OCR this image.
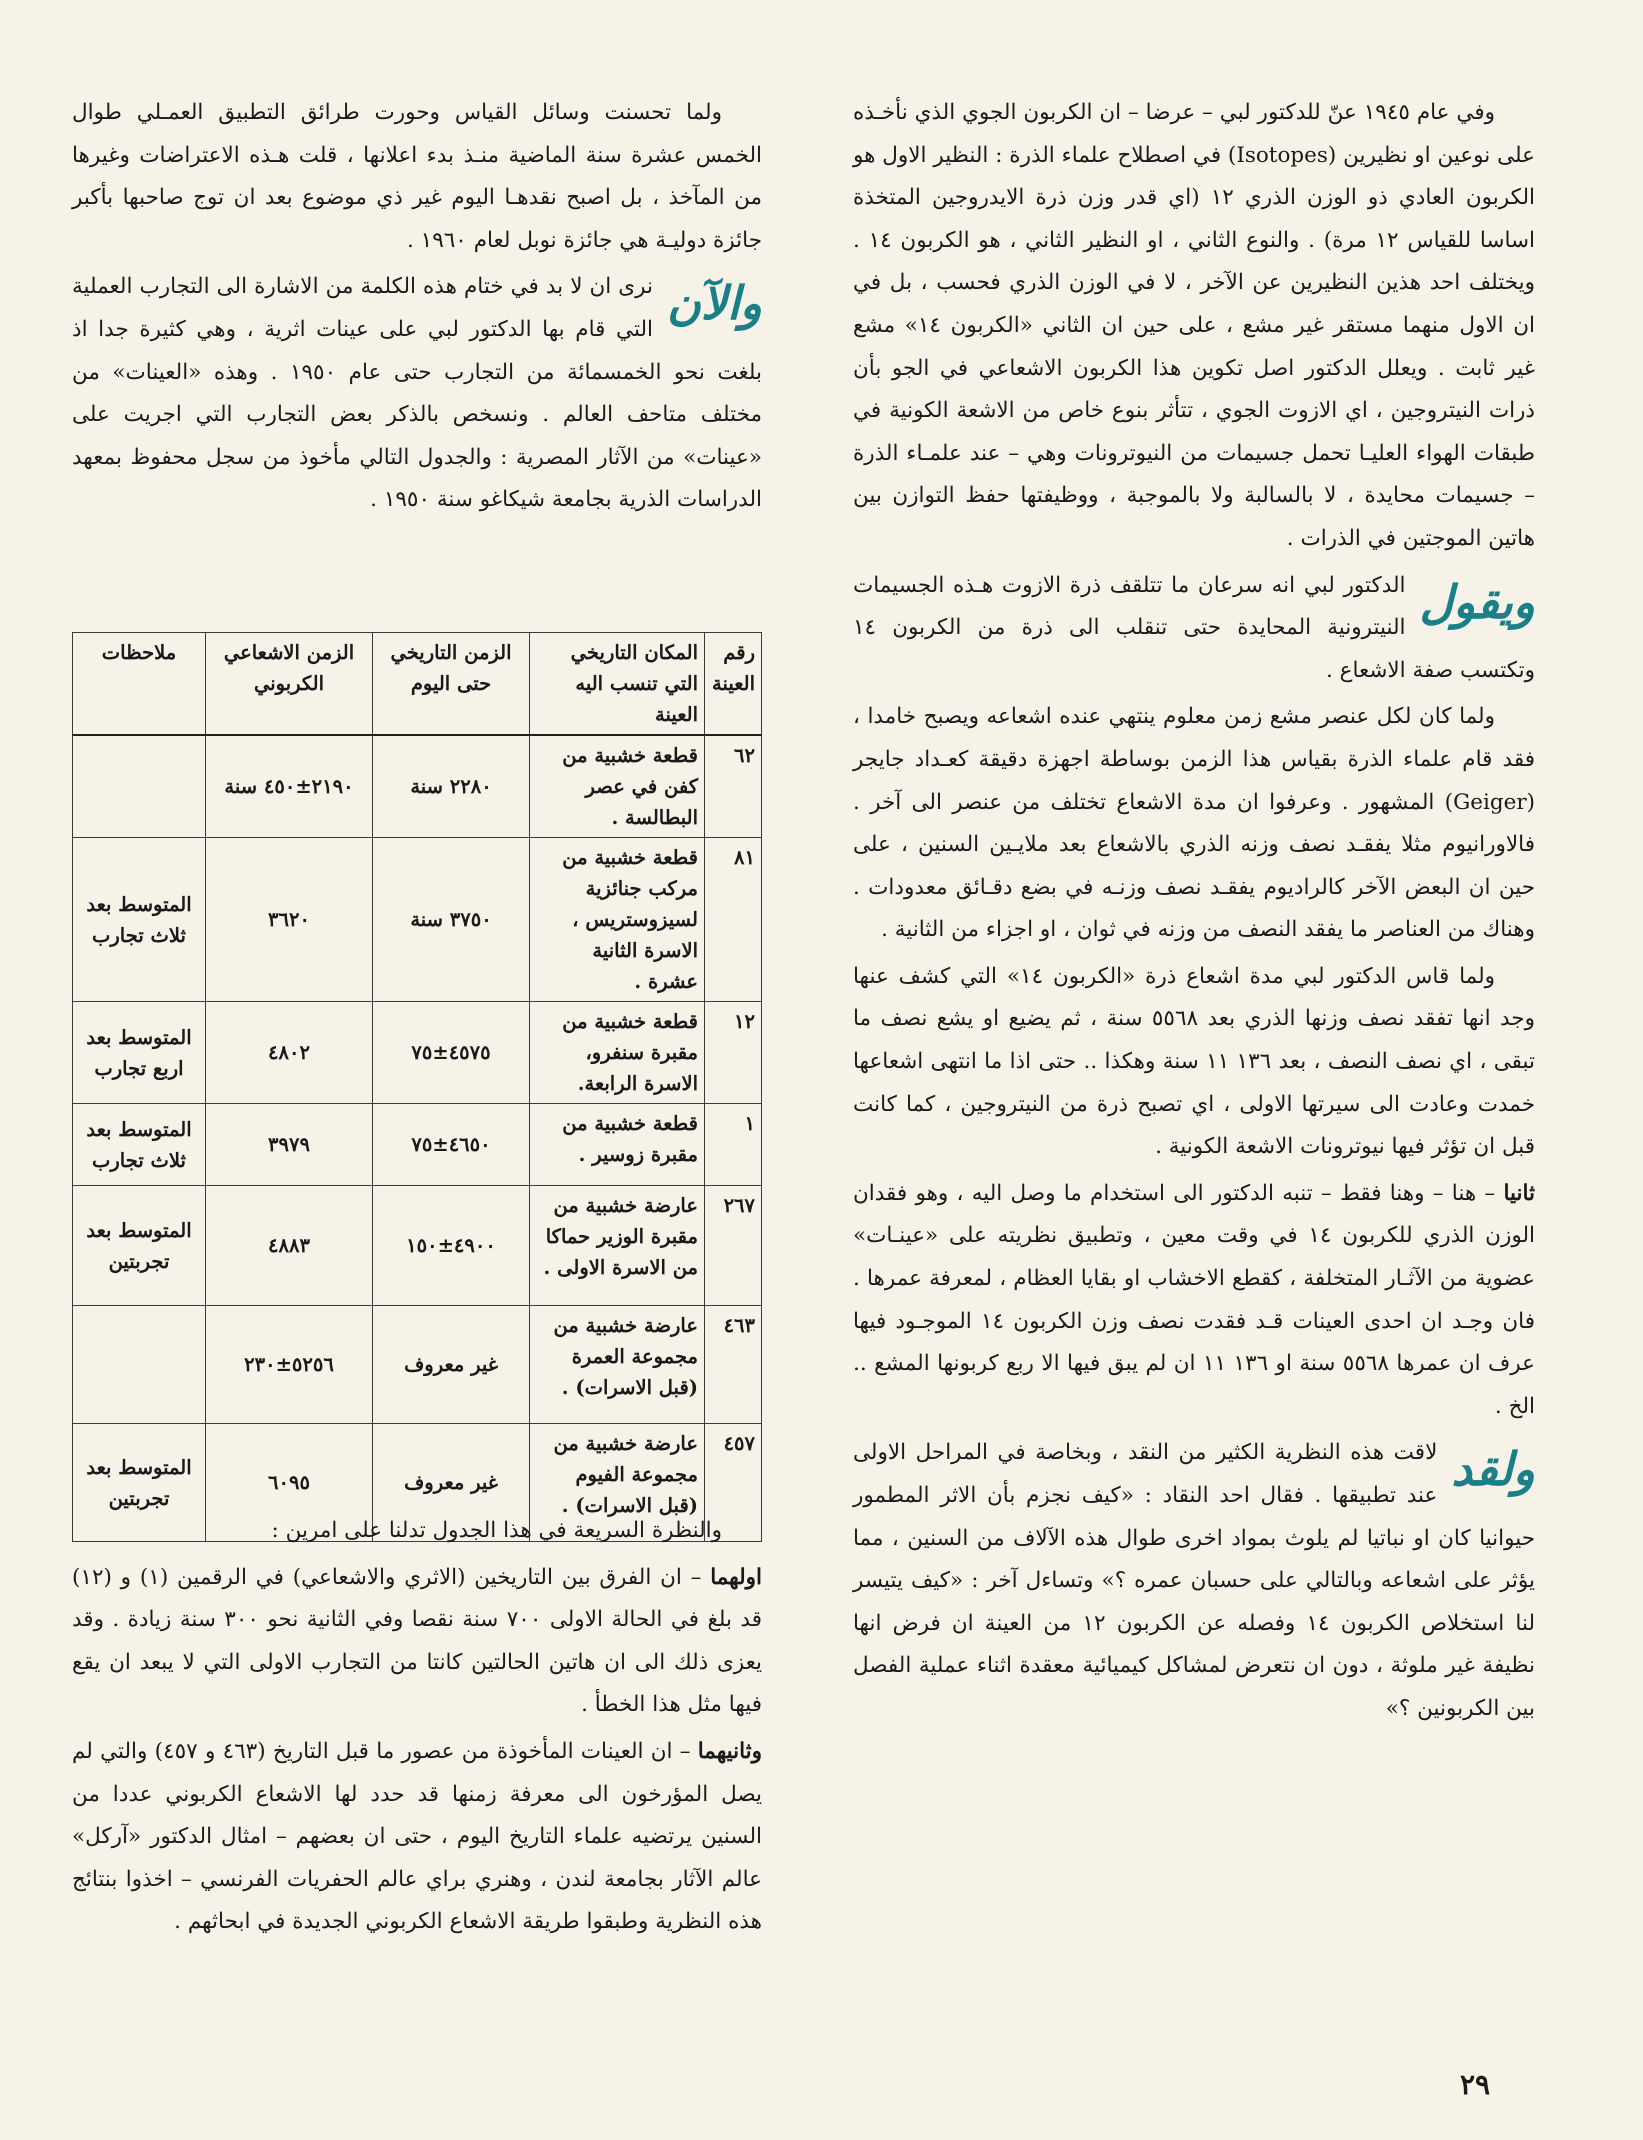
وفي عام ١٩٤٥ عنّ للدكتور لبي – عرضا – ان الكربون الجوي الذي نأخـذه على نوعين او نظيرين (Isotopes) في اصطلاح علماء الذرة : النظير الاول هو الكربون العادي ذو الوزن الذري ١٢ (اي قدر وزن ذرة الايدروجين المتخذة اساسا للقياس ١٢ مرة) . والنوع الثاني ، او النظير الثاني ، هو الكربون ١٤ . ويختلف احد هذين النظيرين عن الآخر ، لا في الوزن الذري فحسب ، بل في ان الاول منهما مستقر غير مشع ، على حين ان الثاني «الكربون ١٤» مشع غير ثابت . ويعلل الدكتور اصل تكوين هذا الكربون الاشعاعي في الجو بأن ذرات النيتروجين ، اي الازوت الجوي ، تتأثر بنوع خاص من الاشعة الكونية في طبقات الهواء العليـا تحمل جسيمات من النيوترونات وهي – عند علمـاء الذرة – جسيمات محايدة ، لا بالسالبة ولا بالموجبة ، ووظيفتها حفظ التوازن بين هاتين الموجتين في الذرات .

ويقول
الدكتور لبي انه سرعان ما تتلقف ذرة الازوت هـذه الجسيمات النيترونية المحايدة حتى تنقلب الى ذرة من الكربون ١٤ وتكتسب صفة الاشعاع .

ولما كان لكل عنصر مشع زمن معلوم ينتهي عنده اشعاعه ويصبح خامدا ، فقد قام علماء الذرة بقياس هذا الزمن بوساطة اجهزة دقيقة كعـداد جايجر (Geiger) المشهور . وعرفوا ان مدة الاشعاع تختلف من عنصر الى آخر . فالاورانيوم مثلا يفقـد نصف وزنه الذري بالاشعاع بعد ملايـين السنين ، على حين ان البعض الآخر كالراديوم يفقـد نصف وزنـه في بضع دقـائق معدودات . وهناك من العناصر ما يفقد النصف من وزنه في ثوان ، او اجزاء من الثانية .

ولما قاس الدكتور لبي مدة اشعاع ذرة «الكربون ١٤» التي كشف عنها وجد انها تفقد نصف وزنها الذري بعد ٥٥٦٨ سنة ، ثم يضيع او يشع نصف ما تبقى ، اي نصف النصف ، بعد ١٣٦ ١١ سنة وهكذا .. حتى اذا ما انتهى اشعاعها خمدت وعادت الى سيرتها الاولى ، اي تصبح ذرة من النيتروجين ، كما كانت قبل ان تؤثر فيها نيوترونات الاشعة الكونية .

ثانيا – هنا – وهنا فقط – تنبه الدكتور الى استخدام ما وصل اليه ، وهو فقدان الوزن الذري للكربون ١٤ في وقت معين ، وتطبيق نظريته على «عينـات» عضوية من الآثـار المتخلفة ، كقطع الاخشاب او بقايا العظام ، لمعرفة عمرها . فان وجـد ان احدى العينات قـد فقدت نصف وزن الكربون ١٤ الموجـود فيها عرف ان عمرها ٥٥٦٨ سنة او ١٣٦ ١١ ان لم يبق فيها الا ربع كربونها المشع .. الخ .

ولقد
لاقت هذه النظرية الكثير من النقد ، وبخاصة في المراحل الاولى عند تطبيقها . فقال احد النقاد : «كيف نجزم بأن الاثر المطمور حيوانيا كان او نباتيا لم يلوث بمواد اخرى طوال هذه الآلاف من السنين ، مما يؤثر على اشعاعه وبالتالي على حسبان عمره ؟» وتساءل آخر : «كيف يتيسر لنا استخلاص الكربون ١٤ وفصله عن الكربون ١٢ من العينة ان فرض انها نظيفة غير ملوثة ، دون ان نتعرض لمشاكل كيميائية معقدة اثناء عملية الفصل بين الكربونين ؟»

ولما تحسنت وسائل القياس وحورت طرائق التطبيق العمـلي طوال الخمس عشرة سنة الماضية منـذ بدء اعلانها ، قلت هـذه الاعتراضات وغيرها من المآخذ ، بل اصبح نقدهـا اليوم غير ذي موضوع بعد ان توج صاحبها بأكبر جائزة دوليـة هي جائزة نوبل لعام ١٩٦٠ .

والآن
نرى ان لا بد في ختام هذه الكلمة من الاشارة الى التجارب العملية التي قام بها الدكتور لبي على عينات اثرية ، وهي كثيرة جدا اذ بلغت نحو الخمسمائة من التجارب حتى عام ١٩٥٠ . وهذه «العينات» من مختلف متاحف العالم . ونسخص بالذكر بعض التجارب التي اجريت على «عينات» من الآثار المصرية : والجدول التالي مأخوذ من سجل محفوظ بمعهد الدراسات الذرية بجامعة شيكاغو سنة ١٩٥٠ .

رقم العينة	المكان التاريخي التي تنسب اليه العينة	الزمن التاريخي حتى اليوم	الزمن الاشعاعي الكربوني	ملاحظات
٦٢	قطعة خشبية من كفن في عصر البطالسة .	٢٢٨٠ سنة	٢١٩٠±٤٥٠ سنة	
٨١	قطعة خشبية من مركب جنائزية لسيزوستريس ، الاسرة الثانية عشرة .	٣٧٥٠ سنة	٣٦٢٠	المتوسط بعد ثلاث تجارب
١٢	قطعة خشبية من مقبرة سنفرو، الاسرة الرابعة.	٤٥٧٥±٧٥	٤٨٠٢	المتوسط بعد اربع تجارب
١	قطعة خشبية من مقبرة زوسير .	٤٦٥٠±٧٥	٣٩٧٩	المتوسط بعد ثلاث تجارب
٢٦٧	عارضة خشبية من مقبرة الوزير حماكا من الاسرة الاولى .	٤٩٠٠±١٥٠	٤٨٨٣	المتوسط بعد تجربتين
٤٦٣	عارضة خشبية من مجموعة العمرة (قبل الاسرات) .	غير معروف	٥٢٥٦±٢٣٠	
٤٥٧	عارضة خشبية من مجموعة الفيوم (قبل الاسرات) .	غير معروف	٦٠٩٥	المتوسط بعد تجربتين

والنظرة السريعة في هذا الجدول تدلنا على امرين :

اولهما – ان الفرق بين التاريخين (الاثري والاشعاعي) في الرقمين (١) و (١٢) قد بلغ في الحالة الاولى ٧٠٠ سنة نقصا وفي الثانية نحو ٣٠٠ سنة زيادة . وقد يعزى ذلك الى ان هاتين الحالتين كانتا من التجارب الاولى التي لا يبعد ان يقع فيها مثل هذا الخطأ .

وثانيهما – ان العينات المأخوذة من عصور ما قبل التاريخ (٤٦٣ و ٤٥٧) والتي لم يصل المؤرخون الى معرفة زمنها قد حدد لها الاشعاع الكربوني عددا من السنين يرتضيه علماء التاريخ اليوم ، حتى ان بعضهم – امثال الدكتور «آركل» عالم الآثار بجامعة لندن ، وهنري براي عالم الحفريات الفرنسي – اخذوا بنتائج هذه النظرية وطبقوا طريقة الاشعاع الكربوني الجديدة في ابحاثهم .

٢٩
